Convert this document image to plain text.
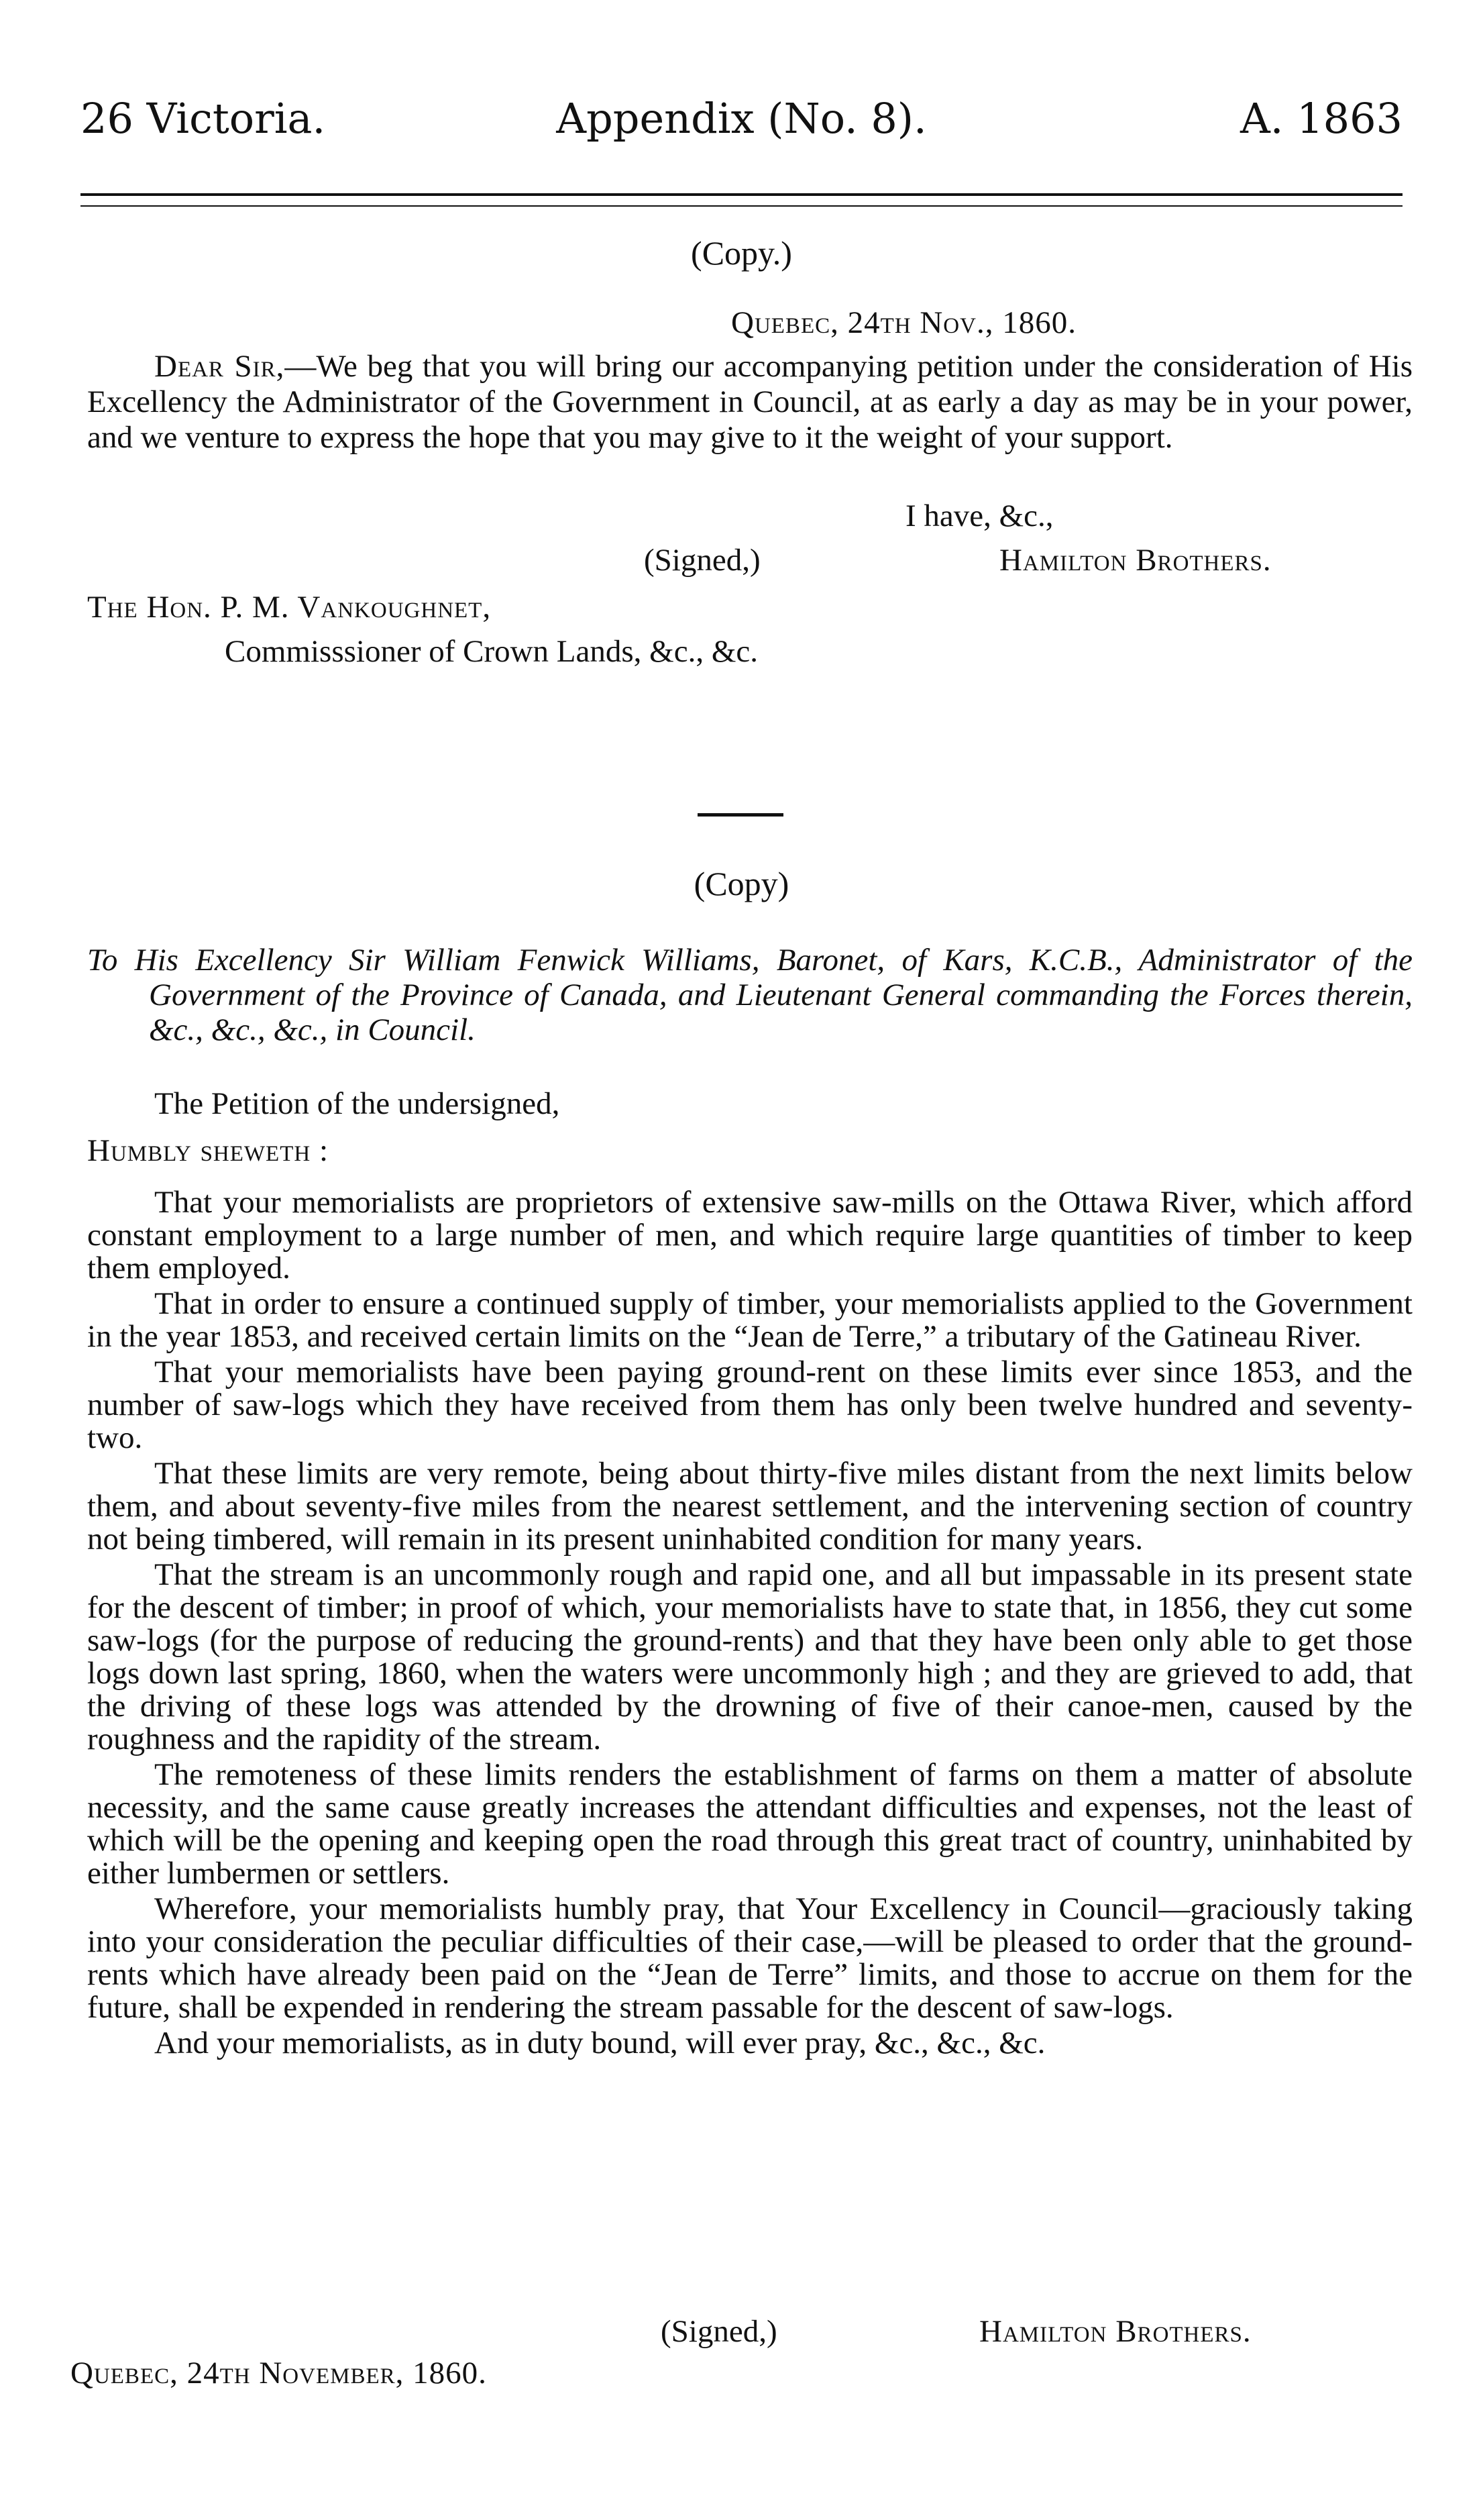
26 Victoria.	Appendix (No. 8).	A. 1863
(Copy.)
Quebec, 24th Nov., 1860.

Dear Sir,—We beg that you will bring our accompanying petition under the consideration of His Excellency the Administrator of the Government in Council, at as early a day as may be in your power, and we venture to express the hope that you may give to it the weight of your support.

I have, &c.,
(Signed,)	Hamilton Brothers.
The Hon. P. M. Vankoughnet,
Commisssioner of Crown Lands, &c., &c.
(Copy)
To His Excellency Sir William Fenwick Williams, Baronet, of Kars, K.C.B., Administrator of the Government of the Province of Canada, and Lieutenant General commanding the Forces therein, &c., &c., &c., in Council.
The Petition of the undersigned,
Humbly sheweth :

That your memorialists are proprietors of extensive saw-mills on the Ottawa River, which afford constant employment to a large number of men, and which require large quantities of timber to keep them employed.

That in order to ensure a continued supply of timber, your memorialists applied to the Government in the year 1853, and received certain limits on the “Jean de Terre,” a tributary of the Gatineau River.

That your memorialists have been paying ground-rent on these limits ever since 1853, and the number of saw-logs which they have received from them has only been twelve hundred and seventy-two.

That these limits are very remote, being about thirty-five miles distant from the next limits below them, and about seventy-five miles from the nearest settlement, and the intervening section of country not being timbered, will remain in its present uninhabited condition for many years.

That the stream is an uncommonly rough and rapid one, and all but impassable in its present state for the descent of timber; in proof of which, your memorialists have to state that, in 1856, they cut some saw-logs (for the purpose of reducing the ground-rents) and that they have been only able to get those logs down last spring, 1860, when the waters were uncommonly high ; and they are grieved to add, that the driving of these logs was attended by the drowning of five of their canoe-men, caused by the roughness and the rapidity of the stream.

The remoteness of these limits renders the establishment of farms on them a matter of absolute necessity, and the same cause greatly increases the attendant difficulties and expenses, not the least of which will be the opening and keeping open the road through this great tract of country, uninhabited by either lumbermen or settlers.

Wherefore, your memorialists humbly pray, that Your Excellency in Council—graciously taking into your consideration the peculiar difficulties of their case,—will be pleased to order that the ground-rents which have already been paid on the “Jean de Terre” limits, and those to accrue on them for the future, shall be expended in rendering the stream passable for the descent of saw-logs.

And your memorialists, as in duty bound, will ever pray, &c., &c., &c.

(Signed,)	Hamilton Brothers.
Quebec, 24th November, 1860.
